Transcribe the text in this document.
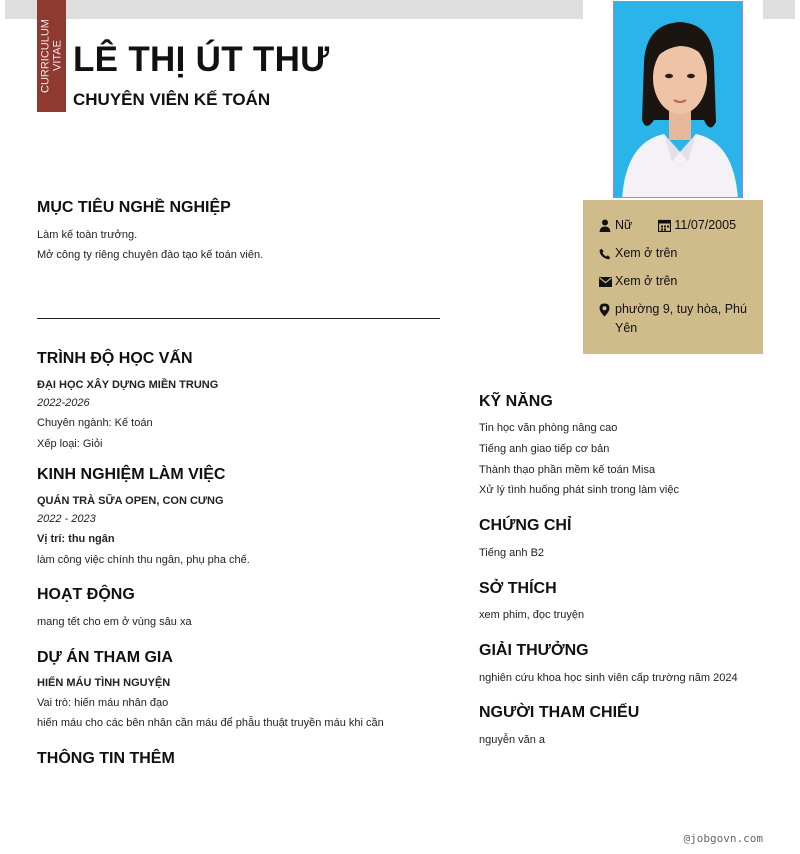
CURRICULUM VITAE LÊ THỊ ÚT THƯ
CHUYÊN VIÊN KẾ TOÁN
Nữ	11/07/2005
Xem ở trên
Xem ở trên
phường 9, tuy hòa, Phú Yên
MỤC TIÊU NGHỀ NGHIỆP
Làm kế toàn trưởng.
Mở công ty riêng chuyên đào tạo kế toán viên.
TRÌNH ĐỘ HỌC VẤN
ĐẠI HỌC XÂY DỰNG MIỀN TRUNG
2022-2026
Chuyên ngành: Kế toán
Xếp loại: Giỏi
KINH NGHIỆM LÀM VIỆC
QUÁN TRÀ SỮA OPEN, CON CƯNG
2022 - 2023
Vị trí: thu ngân
làm công việc chính thu ngân, phụ pha chế.
HOẠT ĐỘNG
mang tết cho em ở vùng sâu xa
DỰ ÁN THAM GIA
HIẾN MÁU TÌNH NGUYỆN
Vai trò: hiến máu nhân đạo
hiến máu cho các bên nhân cần máu để phẫu thuật truyền máu khi cần
THÔNG TIN THÊM
KỸ NĂNG
Tin học văn phòng nâng cao
Tiếng anh giao tiếp cơ bản
Thành thạo phần mềm kế toán Misa
Xử lý tình huống phát sinh trong làm việc
CHỨNG CHỈ
Tiếng anh B2
SỞ THÍCH
xem phim, đọc truyện
GIẢI THƯỞNG
nghiên cứu khoa học sinh viên cấp trường năm 2024
NGƯỜI THAM CHIẾU
nguyễn văn a
@jobgovn.com
